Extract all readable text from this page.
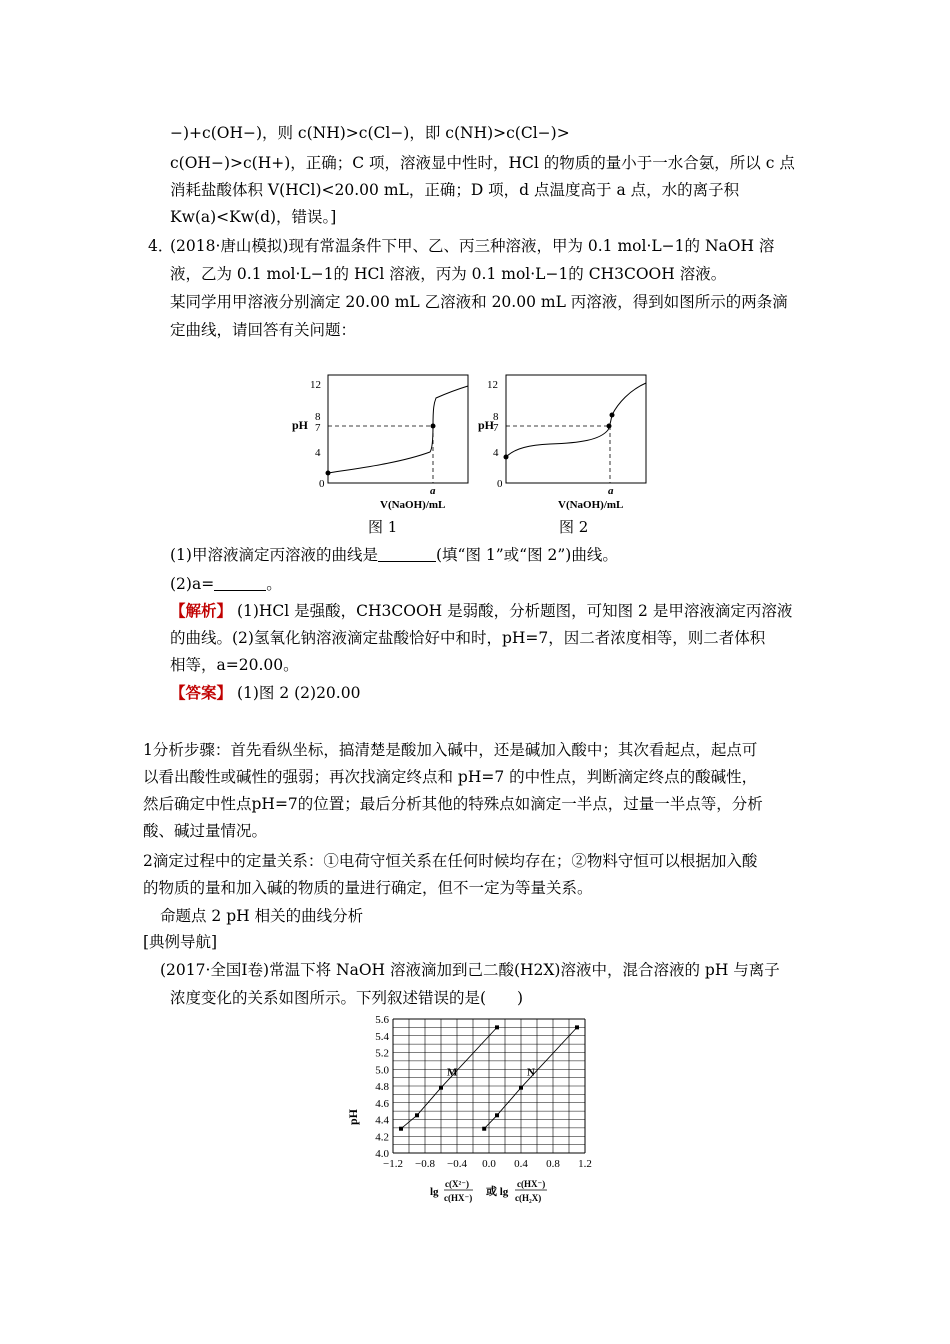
−)+c(OH−)，则 c(NH)>c(Cl−)，即 c(NH)>c(Cl−)>
c(OH−)>c(H+)，正确；C 项，溶液显中性时，HCl 的物质的量小于一水合氨，所以 c 点
消耗盐酸体积 V(HCl)<20.00 mL，正确；D 项，d 点温度高于 a 点，水的离子积
Kw(a)<Kw(d)，错误。]
4．
(2018·唐山模拟)现有常温条件下甲、乙、丙三种溶液，甲为 0.1 mol·L−1的 NaOH 溶
液，乙为 0.1 mol·L−1的 HCl 溶液，丙为 0.1 mol·L−1的 CH3COOH 溶液。
某同学用甲溶液分别滴定 20.00 mL 乙溶液和 20.00 mL 丙溶液，得到如图所示的两条滴
定曲线，请回答有关问题：
12
8
7
4
0
pH
a
V(NaOH)/mL
12
8
7
4
0
pH
a
V(NaOH)/mL
图 1	图 2
(1)甲溶液滴定丙溶液的曲线是	(填“图 1”或“图 2”)曲线。
(2)a=	。
【解析】 (1)HCl 是强酸，CH3COOH 是弱酸，分析题图，可知图 2 是甲溶液滴定丙溶液
的曲线。(2)氢氧化钠溶液滴定盐酸恰好中和时，pH=7，因二者浓度相等，则二者体积
相等，a=20.00。
【答案】 (1)图 2 (2)20.00
1分析步骤：首先看纵坐标，搞清楚是酸加入碱中，还是碱加入酸中；其次看起点，起点可
以看出酸性或碱性的强弱；再次找滴定终点和 pH=7 的中性点，判断滴定终点的酸碱性，
然后确定中性点pH=7的位置；最后分析其他的特殊点如滴定一半点，过量一半点等，分析
酸、碱过量情况。
2滴定过程中的定量关系：①电荷守恒关系在任何时候均存在；②物料守恒可以根据加入酸
的物质的量和加入碱的物质的量进行确定，但不一定为等量关系。
命题点 2 pH 相关的曲线分析
[典例导航]
(2017·全国Ⅰ卷)常温下将 NaOH 溶液滴加到己二酸(H2X)溶液中，混合溶液的 pH 与离子
浓度变化的关系如图所示。下列叙述错误的是(　　)
4.0
4.2
4.4
4.6
4.8
5.0
5.2
5.4
5.6
−1.2 −0.8 −0.4 0.0 0.4 0.8 1.2
M	N
pH
lg
c(X²⁻)
c(HX⁻) 或 lg
c(HX⁻)
c(H₂X)
